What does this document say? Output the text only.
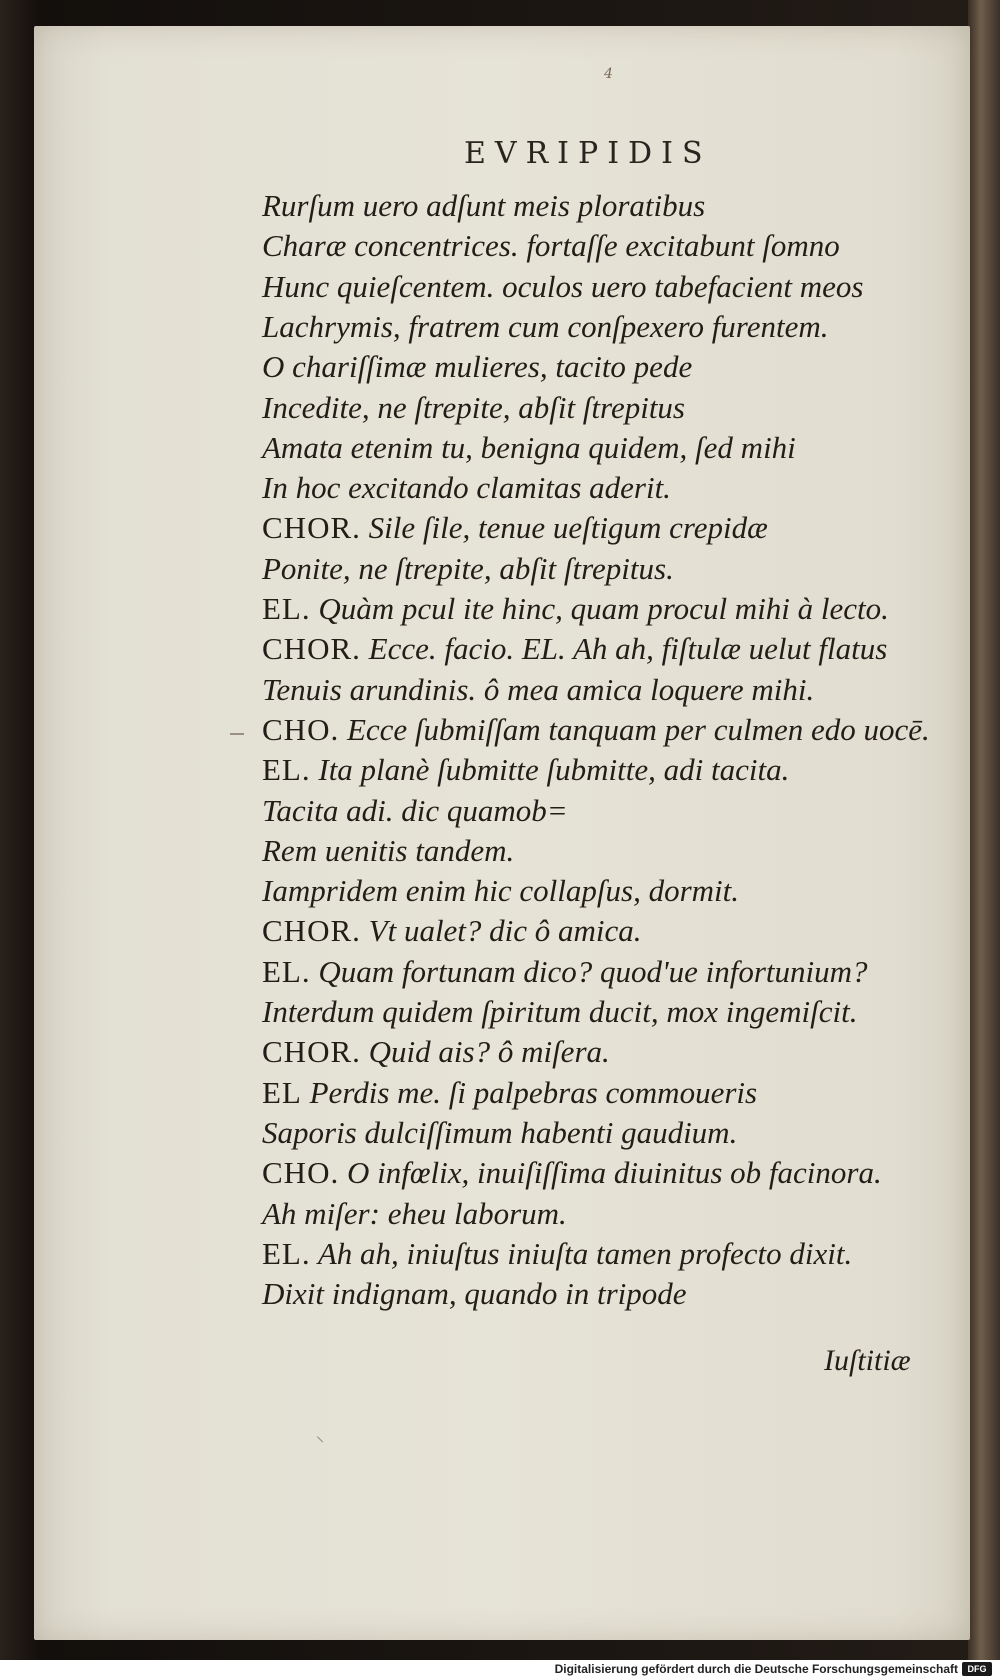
4
EVRIPIDIS
Rurſum uero adſunt meis ploratibus
Charæ concentrices. fortaſſe excitabunt ſomno
Hunc quieſcentem. oculos uero tabefacient meos
Lachrymis, fratrem cum conſpexero furentem.
O chariſſimæ mulieres, tacito pede
Incedite, ne ſtrepite, abſit ſtrepitus
Amata etenim tu, benigna quidem, ſed mihi
In hoc excitando clamitas aderit.
CHOR. Sile ſile, tenue ueſtigum crepidæ
Ponite, ne ſtrepite, abſit ſtrepitus.
EL. Quàm pcul ite hinc, quam procul mihi à lecto.
CHOR. Ecce. facio. EL. Ah ah, fiſtulæ uelut flatus
Tenuis arundinis. ô mea amica loquere mihi.
CHO. Ecce ſubmiſſam tanquam per culmen edo uocē.
EL. Ita planè ſubmitte ſubmitte, adi tacita.
Tacita adi. dic quamob=
Rem uenitis tandem.
Iampridem enim hic collapſus, dormit.
CHOR. Vt ualet? dic ô amica.
EL. Quam fortunam dico? quod'ue infortunium?
Interdum quidem ſpiritum ducit, mox ingemiſcit.
CHOR. Quid ais? ô miſera.
EL Perdis me. ſi palpebras commoueris
Saporis dulciſſimum habenti gaudium.
CHO. O infœlix, inuiſiſſima diuinitus ob facinora.
Ah miſer: eheu laborum.
EL. Ah ah, iniuſtus iniuſta tamen profecto dixit.
Dixit indignam, quando in tripode
Iuſtitiæ
⸜
Digitalisierung gefördert durch die Deutsche Forschungsgemeinschaft	DFG
